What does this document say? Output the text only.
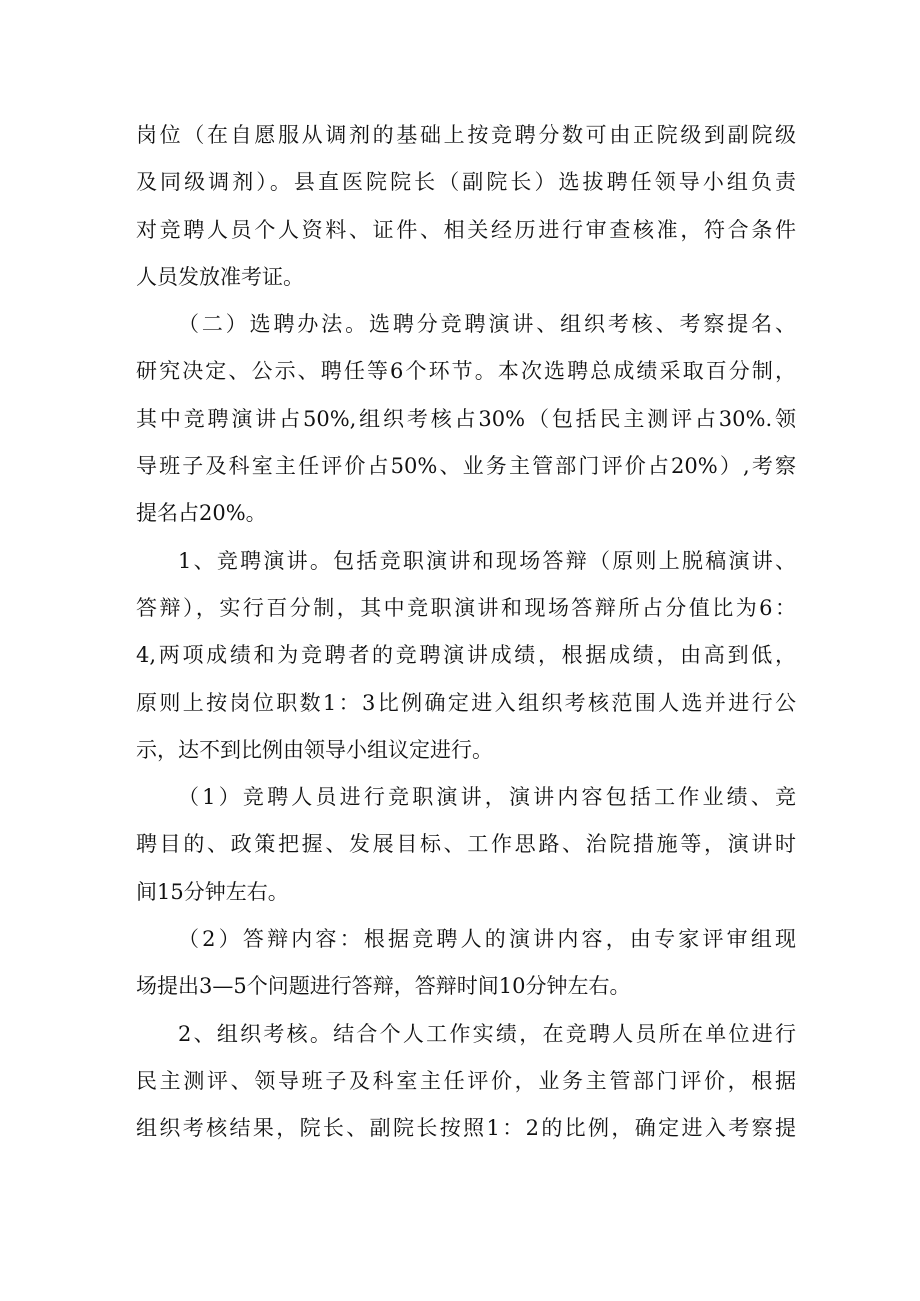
岗位（在自愿服从调剂的基础上按竞聘分数可由正院级到副院级
及同级调剂）。县直医院院长（副院长）选拔聘任领导小组负责
对竞聘人员个人资料、证件、相关经历进行审查核准，符合条件
人员发放准考证。
（二）选聘办法。选聘分竞聘演讲、组织考核、考察提名、
研究决定、公示、聘任等6个环节。本次选聘总成绩采取百分制，
其中竞聘演讲占50%,组织考核占30%（包括民主测评占30%.领
导班子及科室主任评价占50%、业务主管部门评价占20%）,考察
提名占20%。
1、竞聘演讲。包括竞职演讲和现场答辩（原则上脱稿演讲、
答辩），实行百分制，其中竞职演讲和现场答辩所占分值比为6：
4,两项成绩和为竞聘者的竞聘演讲成绩，根据成绩，由高到低，
原则上按岗位职数1：3比例确定进入组织考核范围人选并进行公
示，达不到比例由领导小组议定进行。
（1）竞聘人员进行竞职演讲，演讲内容包括工作业绩、竞
聘目的、政策把握、发展目标、工作思路、治院措施等，演讲时
间15分钟左右。
（2）答辩内容：根据竞聘人的演讲内容，由专家评审组现
场提出3—5个问题进行答辩，答辩时间10分钟左右。
2、组织考核。结合个人工作实绩，在竞聘人员所在单位进行
民主测评、领导班子及科室主任评价，业务主管部门评价，根据
组织考核结果，院长、副院长按照1：2的比例，确定进入考察提
